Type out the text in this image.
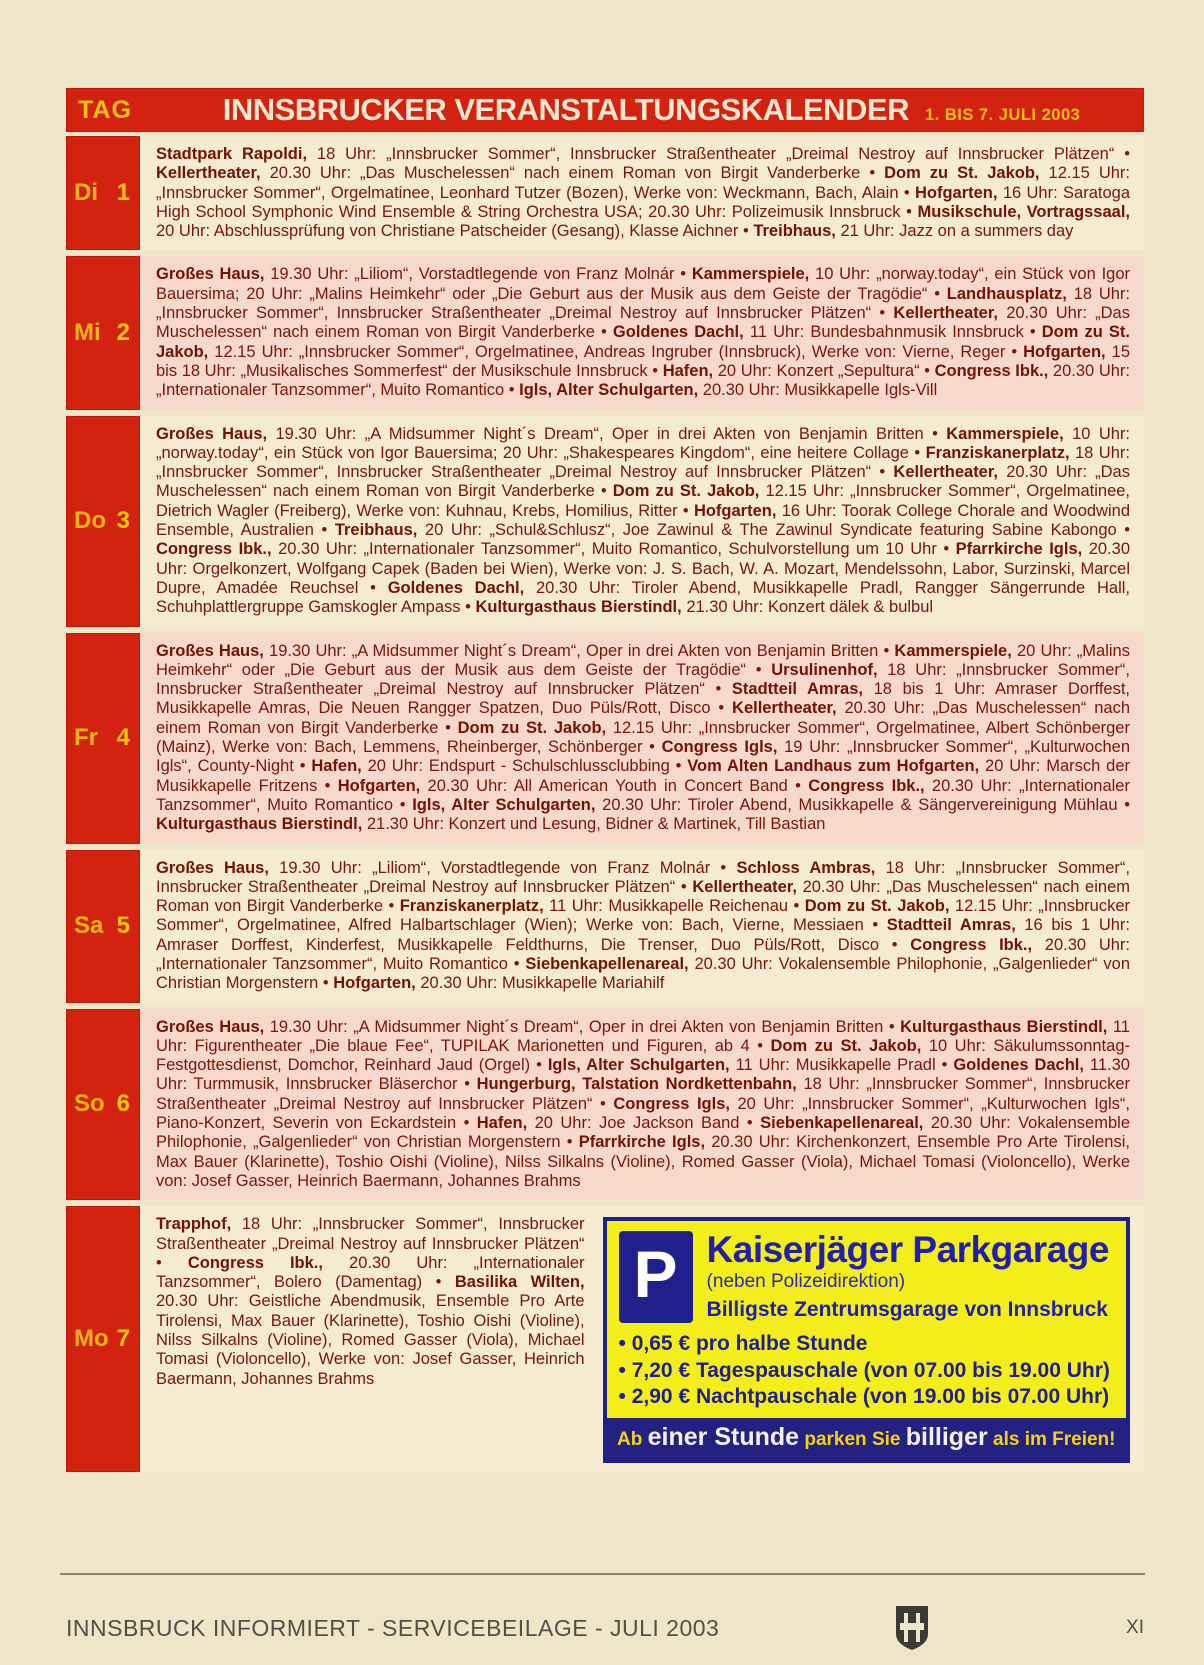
TAG	INNSBRUCKER VERANSTALTUNGSKALENDER 1. BIS 7. JULI 2003
Di 1
Stadtpark Rapoldi, 18 Uhr: „Innsbrucker Sommer“, Innsbrucker Straßentheater „Dreimal Nestroy auf Innsbrucker Plätzen“ • Kellertheater, 20.30 Uhr: „Das Muschelessen“ nach einem Roman von Birgit Vanderberke • Dom zu St. Jakob, 12.15 Uhr: „Innsbrucker Sommer“, Orgelmatinee, Leonhard Tutzer (Bozen), Werke von: Weckmann, Bach, Alain • Hofgarten, 16 Uhr: Saratoga High School Symphonic Wind Ensemble & String Orchestra USA; 20.30 Uhr: Polizeimusik Innsbruck • Musikschule, Vortragssaal, 20 Uhr: Abschlussprüfung von Christiane Patscheider (Gesang), Klasse Aichner • Treibhaus, 21 Uhr: Jazz on a summers day
Mi 2
Großes Haus, 19.30 Uhr: „Liliom“, Vorstadtlegende von Franz Molnár • Kammerspiele, 10 Uhr: „norway.today“, ein Stück von Igor Bauersima; 20 Uhr: „Malins Heimkehr“ oder „Die Geburt aus der Musik aus dem Geiste der Tragödie“ • Landhausplatz, 18 Uhr: „Innsbrucker Sommer“, Innsbrucker Straßentheater „Dreimal Nestroy auf Innsbrucker Plätzen“ • Kellertheater, 20.30 Uhr: „Das Muschelessen“ nach einem Roman von Birgit Vanderberke • Goldenes Dachl, 11 Uhr: Bundesbahnmusik Innsbruck • Dom zu St. Jakob, 12.15 Uhr: „Innsbrucker Sommer“, Orgelmatinee, Andreas Ingruber (Innsbruck), Werke von: Vierne, Reger • Hofgarten, 15 bis 18 Uhr: „Musikalisches Sommerfest“ der Musikschule Innsbruck • Hafen, 20 Uhr: Konzert „Sepultura“ • Congress Ibk., 20.30 Uhr: „Internationaler Tanzsommer“, Muito Romantico • Igls, Alter Schulgarten, 20.30 Uhr: Musikkapelle Igls-Vill
Do 3
Großes Haus, 19.30 Uhr: „A Midsummer Night´s Dream“, Oper in drei Akten von Benjamin Britten • Kammerspiele, 10 Uhr: „norway.today“, ein Stück von Igor Bauersima; 20 Uhr: „Shakespeares Kingdom“, eine heitere Collage • Franziskanerplatz, 18 Uhr: „Innsbrucker Sommer“, Innsbrucker Straßentheater „Dreimal Nestroy auf Innsbrucker Plätzen“ • Kellertheater, 20.30 Uhr: „Das Muschelessen“ nach einem Roman von Birgit Vanderberke • Dom zu St. Jakob, 12.15 Uhr: „Innsbrucker Sommer“, Orgelmatinee, Dietrich Wagler (Freiberg), Werke von: Kuhnau, Krebs, Homilius, Ritter • Hofgarten, 16 Uhr: Toorak College Chorale and Woodwind Ensemble, Australien • Treibhaus, 20 Uhr: „Schul&Schlusz“, Joe Zawinul & The Zawinul Syndicate featuring Sabine Kabongo • Congress Ibk., 20.30 Uhr: „Internationaler Tanzsommer“, Muito Romantico, Schulvorstellung um 10 Uhr • Pfarrkirche Igls, 20.30 Uhr: Orgelkonzert, Wolfgang Capek (Baden bei Wien), Werke von: J. S. Bach, W. A. Mozart, Mendelssohn, Labor, Surzinski, Marcel Dupre, Amadée Reuchsel • Goldenes Dachl, 20.30 Uhr: Tiroler Abend, Musikkapelle Pradl, Rangger Sängerrunde Hall, Schuhplattlergruppe Gamskogler Ampass • Kulturgasthaus Bierstindl, 21.30 Uhr: Konzert dälek & bulbul
Fr 4
Großes Haus, 19.30 Uhr: „A Midsummer Night´s Dream“, Oper in drei Akten von Benjamin Britten • Kammerspiele, 20 Uhr: „Malins Heimkehr“ oder „Die Geburt aus der Musik aus dem Geiste der Tragödie“ • Ursulinenhof, 18 Uhr: „Innsbrucker Sommer“, Innsbrucker Straßentheater „Dreimal Nestroy auf Innsbrucker Plätzen“ • Stadtteil Amras, 18 bis 1 Uhr: Amraser Dorffest, Musikkapelle Amras, Die Neuen Rangger Spatzen, Duo Püls/Rott, Disco • Kellertheater, 20.30 Uhr: „Das Muschelessen“ nach einem Roman von Birgit Vanderberke • Dom zu St. Jakob, 12.15 Uhr: „Innsbrucker Sommer“, Orgelmatinee, Albert Schönberger (Mainz), Werke von: Bach, Lemmens, Rheinberger, Schönberger • Congress Igls, 19 Uhr: „Innsbrucker Sommer“, „Kulturwochen Igls“, County-Night • Hafen, 20 Uhr: Endspurt - Schulschlussclubbing • Vom Alten Landhaus zum Hofgarten, 20 Uhr: Marsch der Musikkapelle Fritzens • Hofgarten, 20.30 Uhr: All American Youth in Concert Band • Congress Ibk., 20.30 Uhr: „Internationaler Tanzsommer“, Muito Romantico • Igls, Alter Schulgarten, 20.30 Uhr: Tiroler Abend, Musikkapelle & Sängervereinigung Mühlau • Kulturgasthaus Bierstindl, 21.30 Uhr: Konzert und Lesung, Bidner & Martinek, Till Bastian
Sa 5
Großes Haus, 19.30 Uhr: „Liliom“, Vorstadtlegende von Franz Molnár • Schloss Ambras, 18 Uhr: „Innsbrucker Sommer“, Innsbrucker Straßentheater „Dreimal Nestroy auf Innsbrucker Plätzen“ • Kellertheater, 20.30 Uhr: „Das Muschelessen“ nach einem Roman von Birgit Vanderberke • Franziskanerplatz, 11 Uhr: Musikkapelle Reichenau • Dom zu St. Jakob, 12.15 Uhr: „Innsbrucker Sommer“, Orgelmatinee, Alfred Halbartschlager (Wien); Werke von: Bach, Vierne, Messiaen • Stadtteil Amras, 16 bis 1 Uhr: Amraser Dorffest, Kinderfest, Musikkapelle Feldthurns, Die Trenser, Duo Püls/Rott, Disco • Congress Ibk., 20.30 Uhr: „Internationaler Tanzsommer“, Muito Romantico • Siebenkapellenareal, 20.30 Uhr: Vokalensemble Philophonie, „Galgenlieder“ von Christian Morgenstern • Hofgarten, 20.30 Uhr: Musikkapelle Mariahilf
So 6
Großes Haus, 19.30 Uhr: „A Midsummer Night´s Dream“, Oper in drei Akten von Benjamin Britten • Kulturgasthaus Bierstindl, 11 Uhr: Figurentheater „Die blaue Fee“, TUPILAK Marionetten und Figuren, ab 4 • Dom zu St. Jakob, 10 Uhr: Säkulumssonntag-Festgottesdienst, Domchor, Reinhard Jaud (Orgel) • Igls, Alter Schulgarten, 11 Uhr: Musikkapelle Pradl • Goldenes Dachl, 11.30 Uhr: Turmmusik, Innsbrucker Bläserchor • Hungerburg, Talstation Nordkettenbahn, 18 Uhr: „Innsbrucker Sommer“, Innsbrucker Straßentheater „Dreimal Nestroy auf Innsbrucker Plätzen“ • Congress Igls, 20 Uhr: „Innsbrucker Sommer“, „Kulturwochen Igls“, Piano-Konzert, Severin von Eckardstein • Hafen, 20 Uhr: Joe Jackson Band • Siebenkapellenareal, 20.30 Uhr: Vokalensemble Philophonie, „Galgenlieder“ von Christian Morgenstern • Pfarrkirche Igls, 20.30 Uhr: Kirchenkonzert, Ensemble Pro Arte Tirolensi, Max Bauer (Klarinette), Toshio Oishi (Violine), Nilss Silkalns (Violine), Romed Gasser (Viola), Michael Tomasi (Violoncello), Werke von: Josef Gasser, Heinrich Baermann, Johannes Brahms
Mo 7
Trapphof, 18 Uhr: „Innsbrucker Sommer“, Innsbrucker Straßentheater „Dreimal Nestroy auf Innsbrucker Plätzen“ • Congress Ibk., 20.30 Uhr: „Internationaler Tanzsommer“, Bolero (Damentag) • Basilika Wilten, 20.30 Uhr: Geistliche Abendmusik, Ensemble Pro Arte Tirolensi, Max Bauer (Klarinette), Toshio Oishi (Violine), Nilss Silkalns (Violine), Romed Gasser (Viola), Michael Tomasi (Violoncello), Werke von: Josef Gasser, Heinrich Baermann, Johannes Brahms
P Kaiserjäger Parkgarage
(neben Polizeidirektion)
Billigste Zentrumsgarage von Innsbruck
• 0,65 € pro halbe Stunde
• 7,20 € Tagespauschale (von 07.00 bis 19.00 Uhr)
• 2,90 € Nachtpauschale (von 19.00 bis 07.00 Uhr)
Ab einer Stunde parken Sie billiger als im Freien!
INNSBRUCK INFORMIERT - SERVICEBEILAGE - JULI 2003	XI
